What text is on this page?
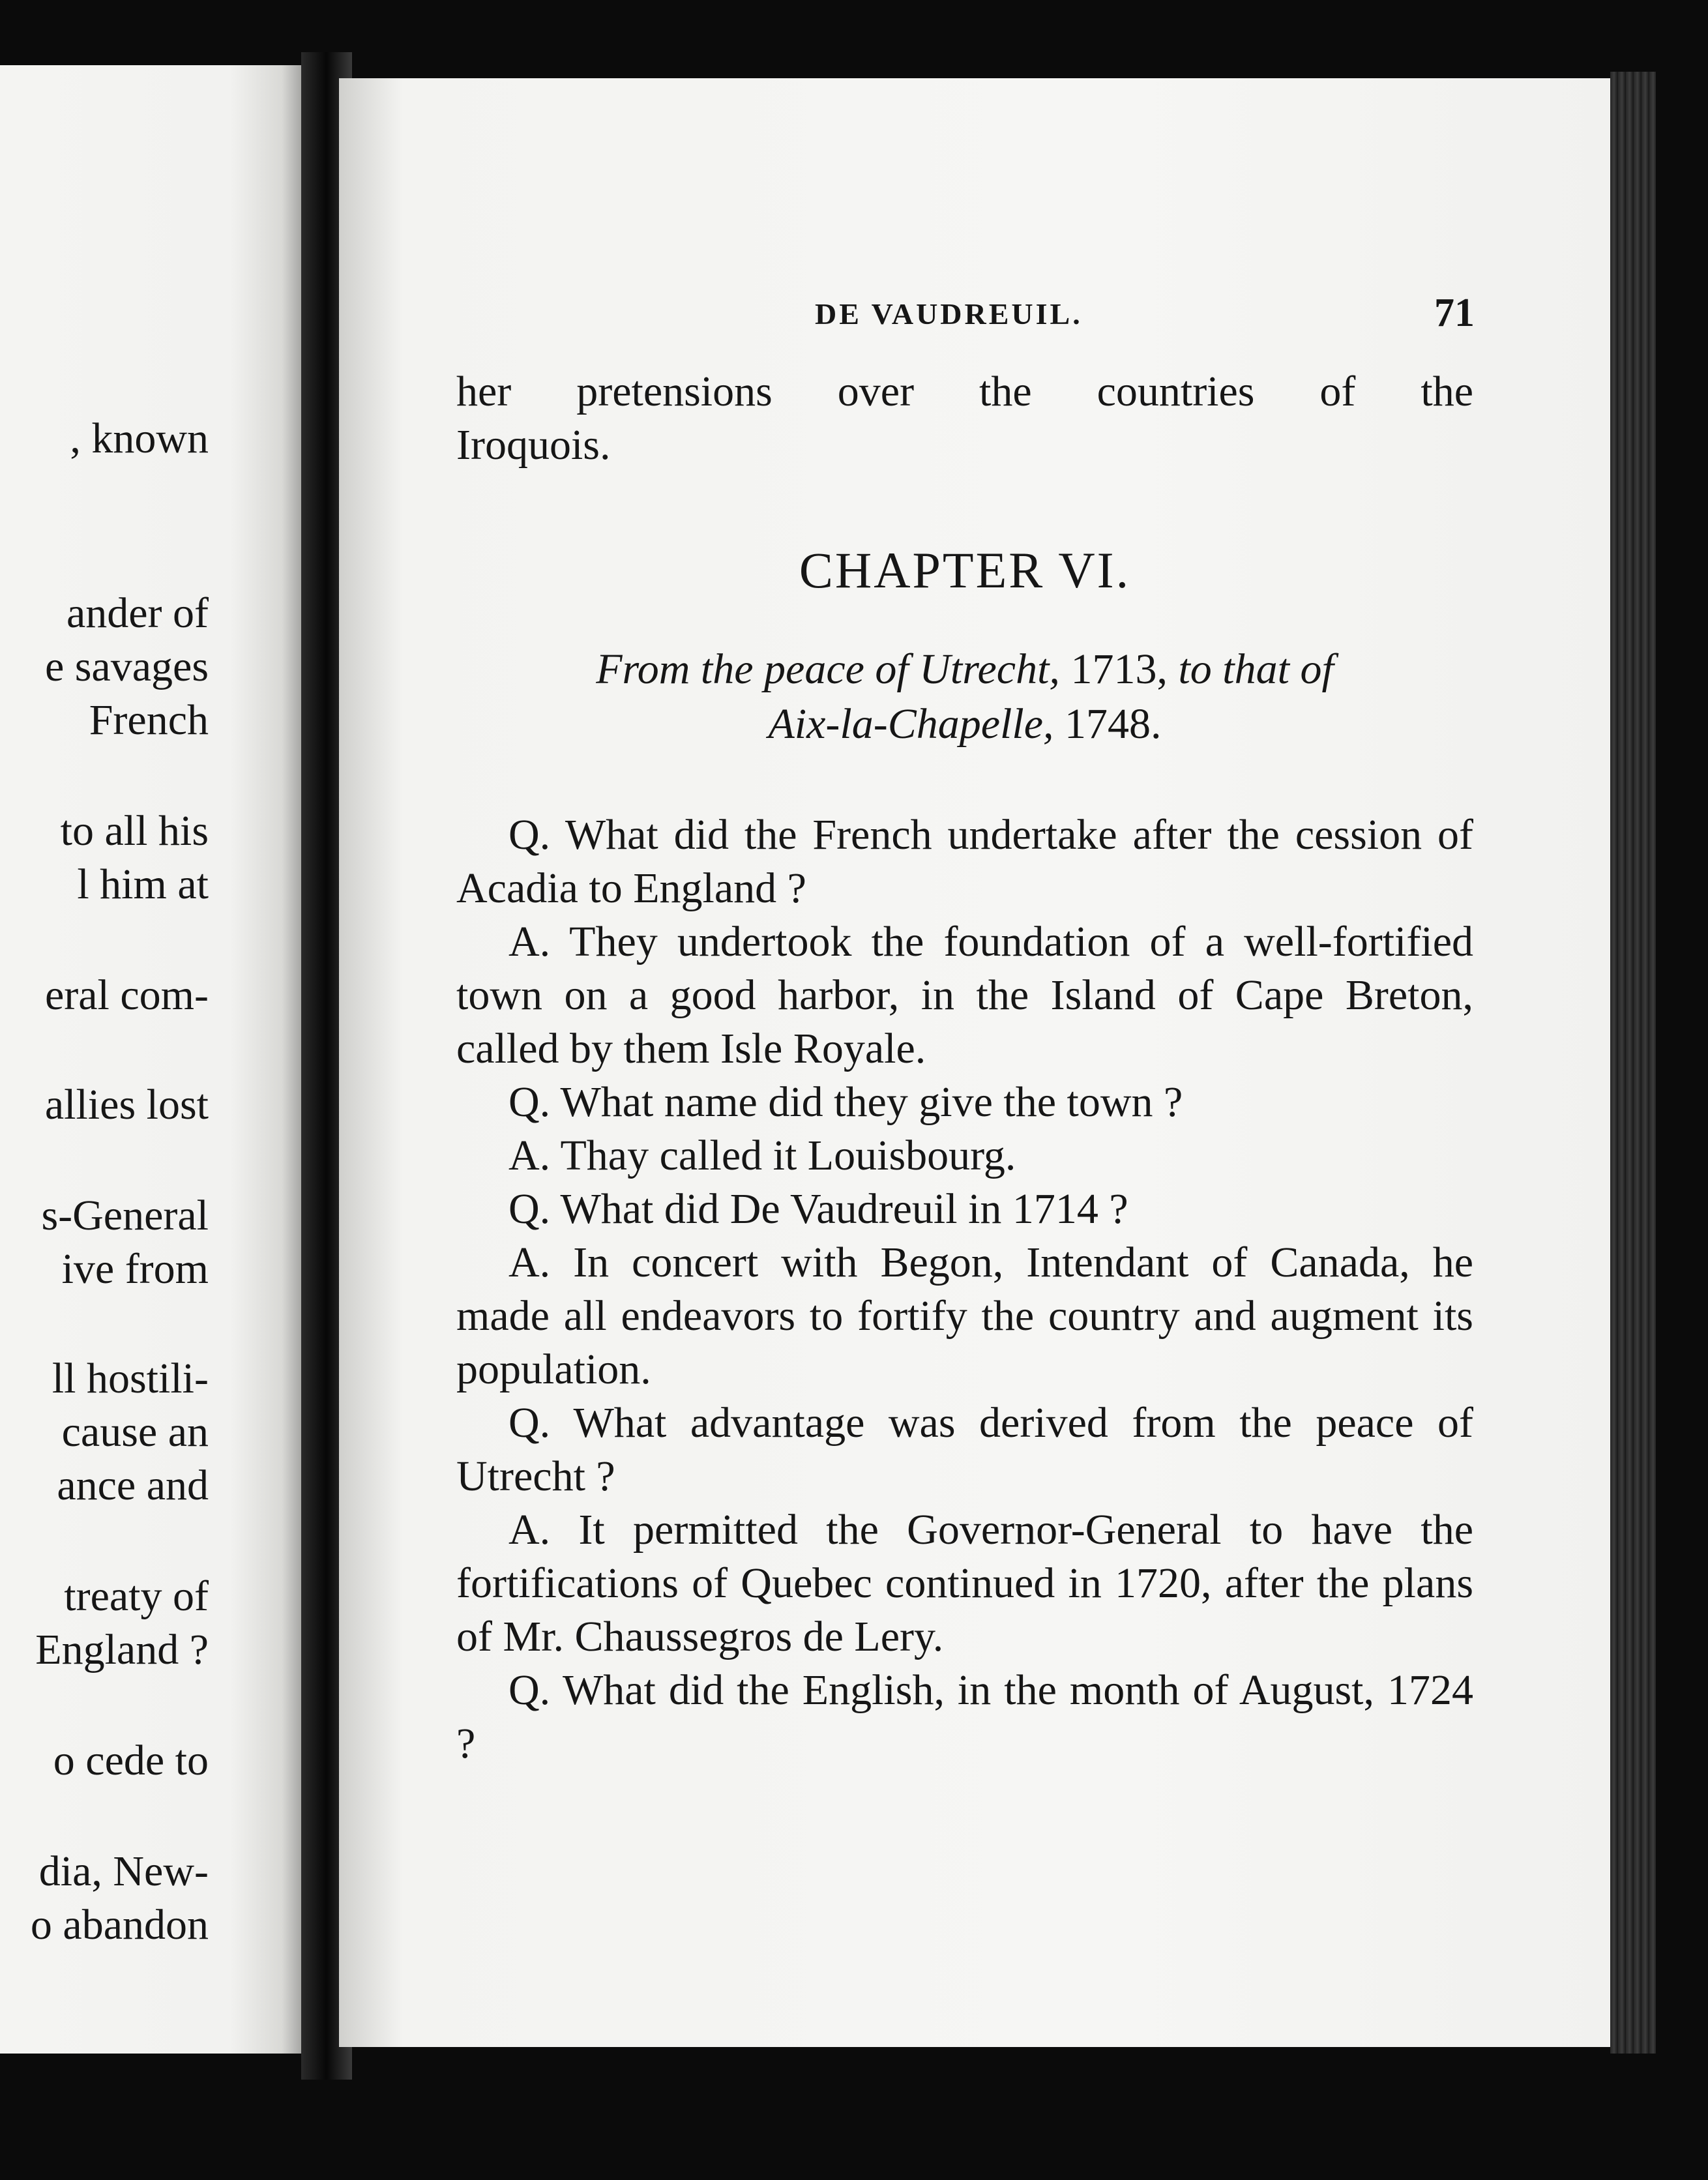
, known
ander of
e savages
French
to all his
l him at
eral com-
allies lost
s-General
ive from
ll hostili-
cause an
ance and
treaty of
England ?
o cede to
dia, New-
o abandon
DE VAUDREUIL.	71

her pretensions over the countries of the

Iroquois.

CHAPTER VI.
From the peace of Utrecht, 1713, to that of
Aix-la-Chapelle, 1748.

Q. What did the French undertake after the cession of Acadia to England ?

A. They undertook the foundation of a well-fortified town on a good harbor, in the Island of Cape Breton, called by them Isle Royale.

Q. What name did they give the town ?

A. Thay called it Louisbourg.

Q. What did De Vaudreuil in 1714 ?

A. In concert with Begon, Intendant of Canada, he made all endeavors to fortify the country and augment its population.

Q. What advantage was derived from the peace of Utrecht ?

A. It permitted the Governor-General to have the fortifications of Quebec continued in 1720, after the plans of Mr. Chaussegros de Lery.

Q. What did the English, in the month of August, 1724 ?
